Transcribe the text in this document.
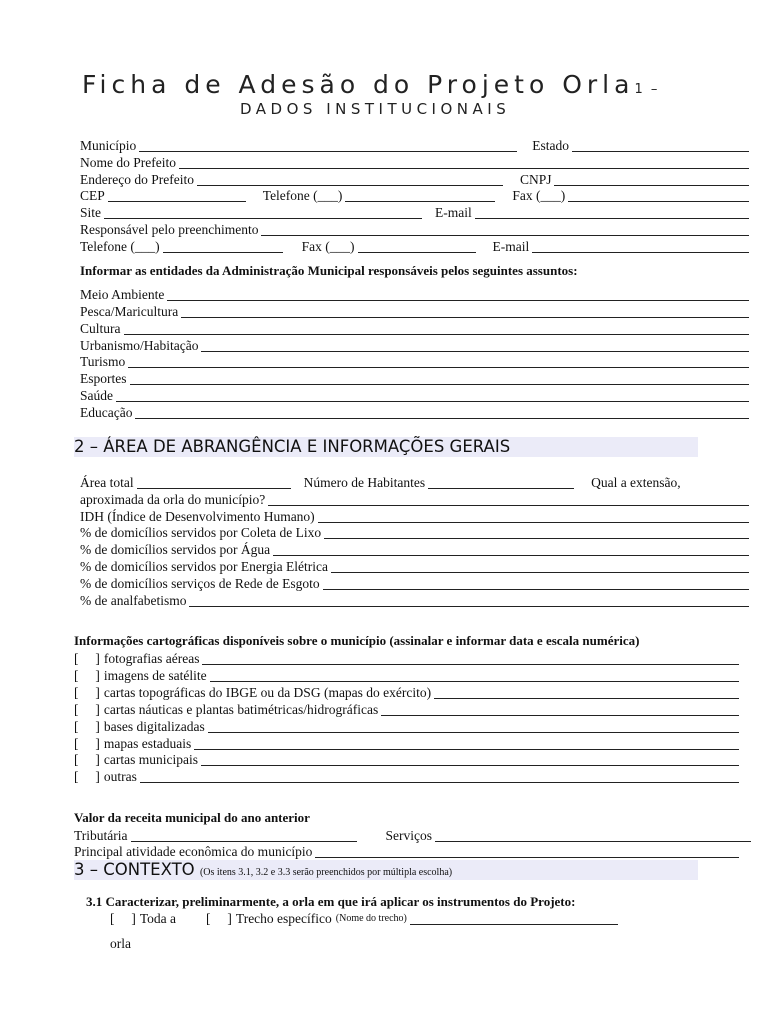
Ficha de Adesão do Projeto Orla1 –
DADOS INSTITUCIONAIS
Município	Estado
Nome do Prefeito
Endereço do Prefeito	CNPJ
CEP	Telefone (___)	Fax (___)
Site	E-mail
Responsável pelo preenchimento
Telefone (___)	Fax (___)	E-mail
Informar as entidades da Administração Municipal responsáveis pelos seguintes assuntos:
Meio Ambiente
Pesca/Maricultura
Cultura
Urbanismo/Habitação
Turismo
Esportes
Saúde
Educação
2 – ÁREA DE ABRANGÊNCIA E INFORMAÇÕES GERAIS
Área total	Número de Habitantes	Qual a extensão,
aproximada da orla do município?
IDH (Índice de Desenvolvimento Humano)
% de domicílios servidos por Coleta de Lixo
% de domicílios servidos por Água
% de domicílios servidos por Energia Elétrica
% de domicílios serviços de Rede de Esgoto
% de analfabetismo
Informações cartográficas disponíveis sobre o município (assinalar e informar data e escala numérica)
[     ] fotografias aéreas
[     ] imagens de satélite
[     ] cartas topográficas do IBGE ou da DSG (mapas do exército)
[     ] cartas náuticas e plantas batimétricas/hidrográficas
[     ] bases digitalizadas
[     ] mapas estaduais
[     ] cartas municipais
[     ] outras
Valor da receita municipal do ano anterior
Tributária	Serviços
Principal atividade econômica do município
3 – CONTEXTO (Os itens 3.1, 3.2 e 3.3 serão preenchidos por múltipla escolha)
3.1 Caracterizar, preliminarmente, a orla em que irá aplicar os instrumentos do Projeto:
[     ] Toda a [     ] Trecho específico (Nome do trecho)
orla
